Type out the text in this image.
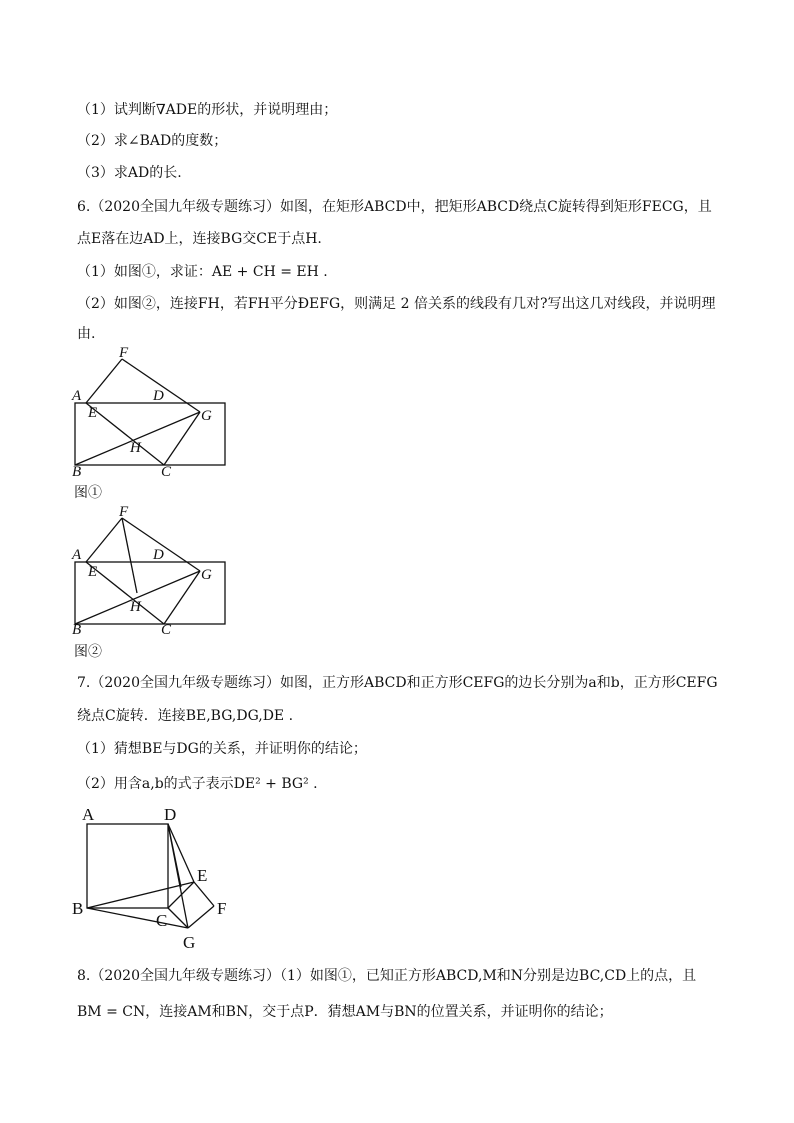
（1）试判断∇ADE的形状，并说明理由；
（2）求∠BAD的度数；
（3）求AD的长.
6.（2020全国九年级专题练习）如图，在矩形ABCD中，把矩形ABCD绕点C旋转得到矩形FECG，且
点E落在边AD上，连接BG交CE于点H.
（1）如图①，求证：AE + CH = EH .
（2）如图②，连接FH，若FH平分ÐEFG，则满足 2 倍关系的线段有几对?写出这几对线段，并说明理
由.
F
A
E
D
G
H
B	C
图①
F
A
E
D
G
H
B	C
图②
7.（2020全国九年级专题练习）如图，正方形ABCD和正方形CEFG的边长分别为a和b，正方形CEFG
绕点C旋转．连接BE,BG,DG,DE .
（1）猜想BE与DG的关系，并证明你的结论；
（2）用含a,b的式子表示DE² + BG² .
A	D
E
F
B
C
G
8.（2020全国九年级专题练习）（1）如图①，已知正方形ABCD,M和N分别是边BC,CD上的点，且
BM = CN，连接AM和BN，交于点P．猜想AM与BN的位置关系，并证明你的结论；
